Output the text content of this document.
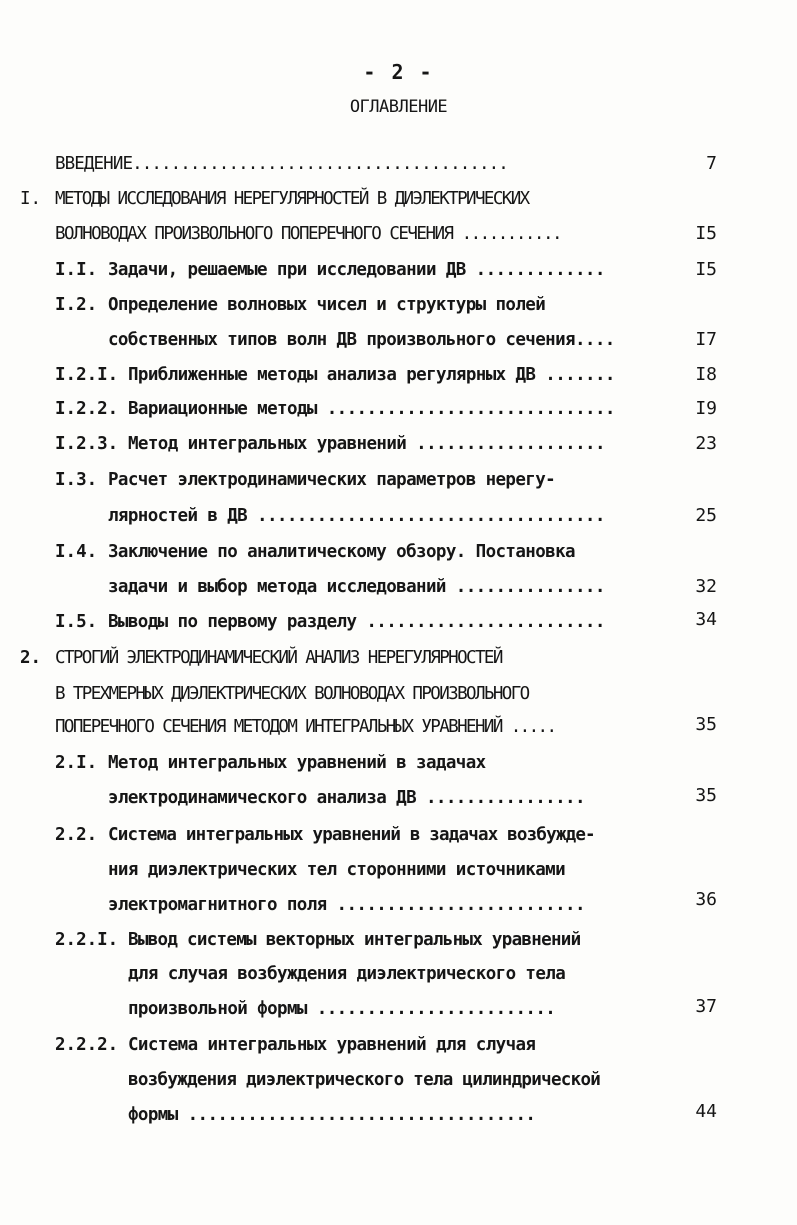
- 2 -
ОГЛАВЛЕНИЕ
ВВЕДЕНИЕ.......................................	7
I. МЕТОДЫ ИССЛЕДОВАНИЯ НЕРЕГУЛЯРНОСТЕЙ В ДИЭЛЕКТРИЧЕСКИХ
ВОЛНОВОДАХ ПРОИЗВОЛЬНОГО ПОПЕРЕЧНОГО СЕЧЕНИЯ ...........	I5
I.I. Задачи, решаемые при исследовании ДВ .............	I5
I.2. Определение волновых чисел и структуры полей
собственных типов волн ДВ произвольного сечения....	I7
I.2.I. Приближенные методы анализа регулярных ДВ .......	I8
I.2.2. Вариационные методы .............................	I9
I.2.3. Метод интегральных уравнений ...................	23
I.3. Расчет электродинамических параметров нерегу-
лярностей в ДВ ...................................	25
I.4. Заключение по аналитическому обзору. Постановка
задачи и выбор метода исследований ...............	32
I.5. Выводы по первому разделу ........................	34
2. СТРОГИЙ ЭЛЕКТРОДИНАМИЧЕСКИЙ АНАЛИЗ НЕРЕГУЛЯРНОСТЕЙ
В ТРЕХМЕРНЫХ ДИЭЛЕКТРИЧЕСКИХ ВОЛНОВОДАХ ПРОИЗВОЛЬНОГО
ПОПЕРЕЧНОГО СЕЧЕНИЯ МЕТОДОМ ИНТЕГРАЛЬНЫХ УРАВНЕНИЙ .....	35
2.I. Метод интегральных уравнений в задачах
электродинамического анализа ДВ ................	35
2.2. Система интегральных уравнений в задачах возбужде-
ния диэлектрических тел сторонними источниками
электромагнитного поля .........................	36
2.2.I. Вывод системы векторных интегральных уравнений
для случая возбуждения диэлектрического тела
произвольной формы ........................	37
2.2.2. Система интегральных уравнений для случая
возбуждения диэлектрического тела цилиндрической
формы ...................................	44
